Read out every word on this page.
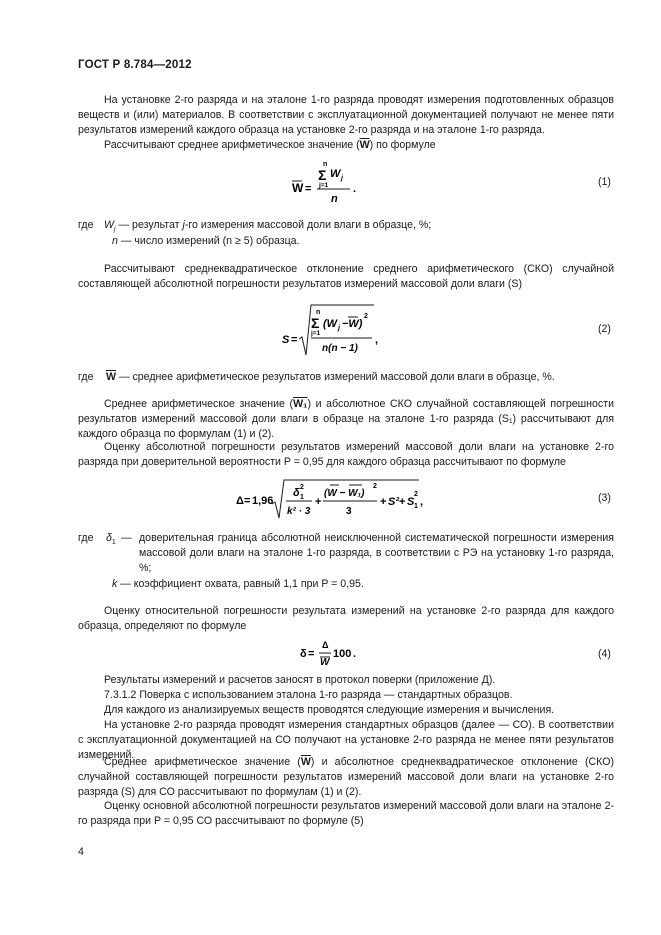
ГОСТ Р 8.784—2012
На установке 2-го разряда и на эталоне 1-го разряда проводят измерения подготовленных образцов веществ и (или) материалов. В соответствии с эксплуатационной документацией получают не менее пяти результатов измерений каждого образца на установке 2-го разряда и на эталоне 1-го разряда.
Рассчитывают среднее арифметическое значение $(\overline{W})$ по формуле
W =
n
Σ
j=1
W j
n
.
(1)
где $W_j$ — результат j-го измерения массовой доли влаги в образце, %;
n — число измерений (n ≥ 5) образца.
Рассчитывают среднеквадратическое отклонение среднего арифметического (СКО) случайной составляющей абсолютной погрешности результатов измерений массовой доли влаги (S)
S =
n
Σ
j=1
(W j −W)
2
n(n − 1)
,
(2)
где $\overline{W}$ — среднее арифметическое результатов измерений массовой доли влаги в образце, %.
Среднее арифметическое значение (W₁) и абсолютное СКО случайной составляющей погрешности результатов измерений массовой доли влаги в образце на эталоне 1-го разряда (S₁) рассчитывают для каждого образца по формулам (1) и (2).
Оценку абсолютной погрешности результатов измерений массовой доли влаги на установке 2-го разряда при доверительной вероятности P = 0,95 для каждого образца рассчитывают по формуле
Δ = 1,96
δ 1
2
k² · 3
+
(W − W₁)
2
3
+ S² + S 1
2
,	(3)
где $\delta_1$ — доверительная граница абсолютной неисключенной систематической погрешности измерения массовой доли влаги на эталоне 1-го разряда, в соответствии с РЭ на установку 1-го разряда, %;
k — коэффициент охвата, равный 1,1 при P = 0,95.
Оценку относительной погрешности результата измерений на установке 2-го разряда для каждого образца, определяют по формуле
δ =
Δ
W
100 .	(4)
Результаты измерений и расчетов заносят в протокол поверки (приложение Д).
7.3.1.2 Поверка с использованием эталона 1-го разряда — стандартных образцов.
Для каждого из анализируемых веществ проводятся следующие измерения и вычисления.
На установке 2-го разряда проводят измерения стандартных образцов (далее — СО). В соответствии с эксплуатационной документацией на СО получают на установке 2-го разряда не менее пяти результатов измерений.
Среднее арифметическое значение $(\overline{W})$ и абсолютное среднеквадратическое отклонение (СКО) случайной составляющей погрешности результатов измерений массовой доли влаги на установке 2-го разряда (S) для СО рассчитывают по формулам (1) и (2).
Оценку основной абсолютной погрешности результатов измерений массовой доли влаги на эталоне 2-го разряда при P = 0,95 СО рассчитывают по формуле (5)
4
